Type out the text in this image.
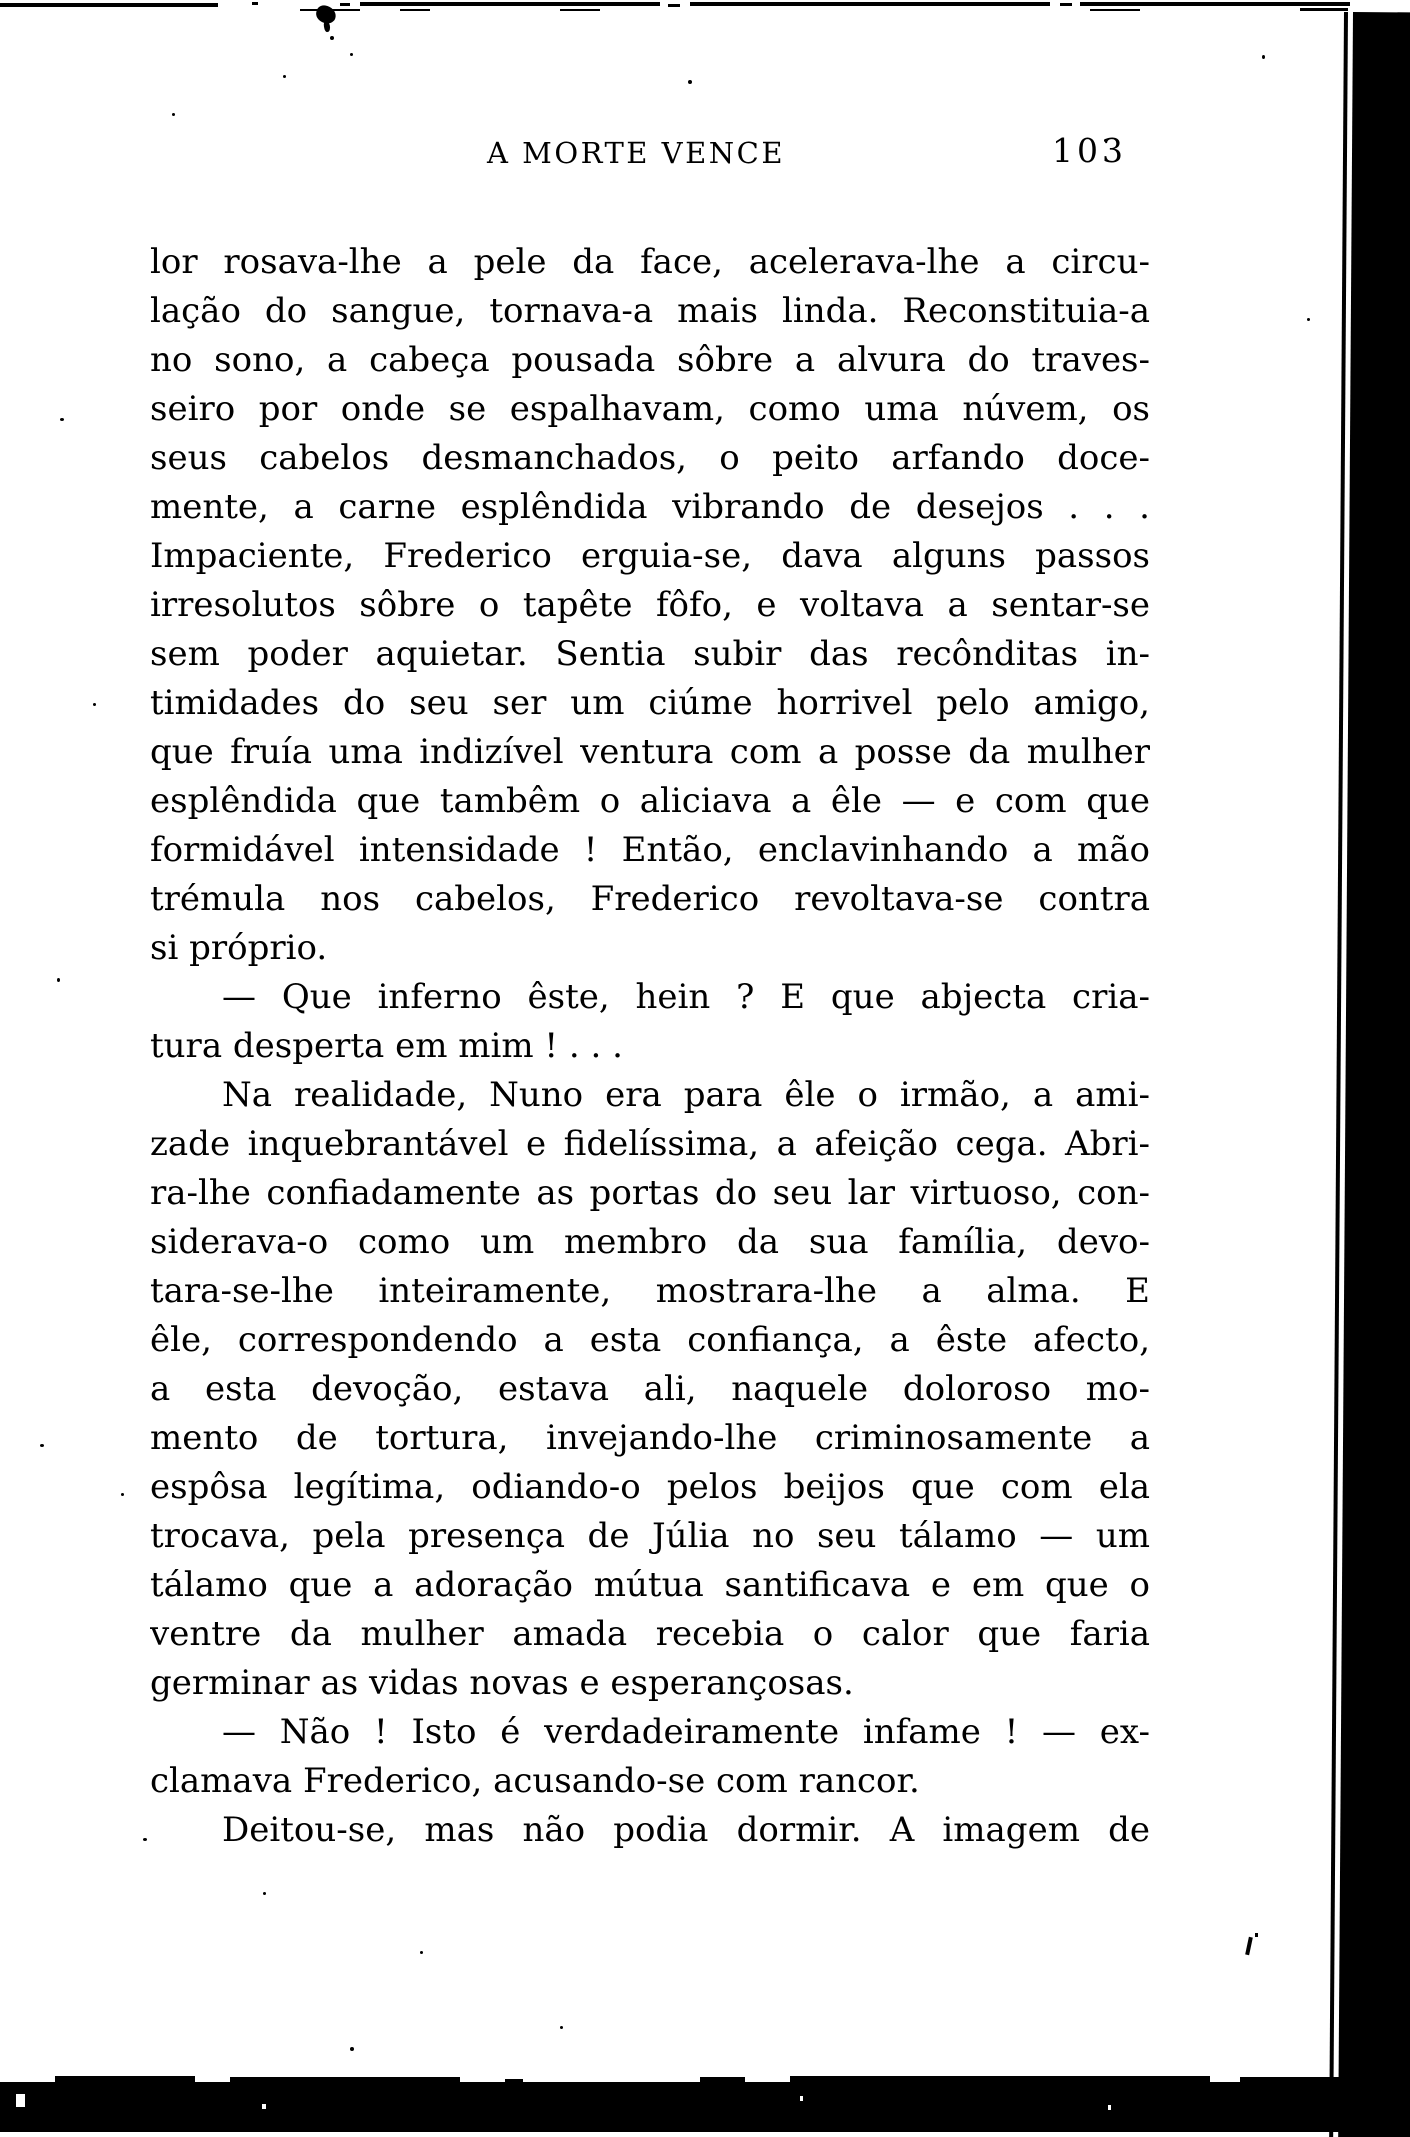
A MORTE VENCE	103
lor rosava-lhe a pele da face, acelerava-lhe a circu-
lação do sangue, tornava-a mais linda. Reconstituia-a
no sono, a cabeça pousada sôbre a alvura do traves-
seiro por onde se espalhavam, como uma núvem, os
seus cabelos desmanchados, o peito arfando doce-
mente, a carne esplêndida vibrando de desejos . . .
Impaciente, Frederico erguia-se, dava alguns passos
irresolutos sôbre o tapête fôfo, e voltava a sentar-se
sem poder aquietar. Sentia subir das recônditas in-
timidades do seu ser um ciúme horrivel pelo amigo,
que fruía uma indizível ventura com a posse da mulher
esplêndida que tambêm o aliciava a êle — e com que
formidável intensidade ! Então, enclavinhando a mão
trémula nos cabelos, Frederico revoltava-se contra
si próprio.
— Que inferno êste, hein ? E que abjecta cria-
tura desperta em mim ! . . .
Na realidade, Nuno era para êle o irmão, a ami-
zade inquebrantável e fidelíssima, a afeição cega. Abri-
ra-lhe confiadamente as portas do seu lar virtuoso, con-
siderava-o como um membro da sua família, devo-
tara-se-lhe inteiramente, mostrara-lhe a alma. E
êle, correspondendo a esta confiança, a êste afecto,
a esta devoção, estava ali, naquele doloroso mo-
mento de tortura, invejando-lhe criminosamente a
espôsa legítima, odiando-o pelos beijos que com ela
trocava, pela presença de Júlia no seu tálamo — um
tálamo que a adoração mútua santificava e em que o
ventre da mulher amada recebia o calor que faria
germinar as vidas novas e esperançosas.
— Não ! Isto é verdadeiramente infame ! — ex-
clamava Frederico, acusando-se com rancor.
Deitou-se, mas não podia dormir. A imagem de
